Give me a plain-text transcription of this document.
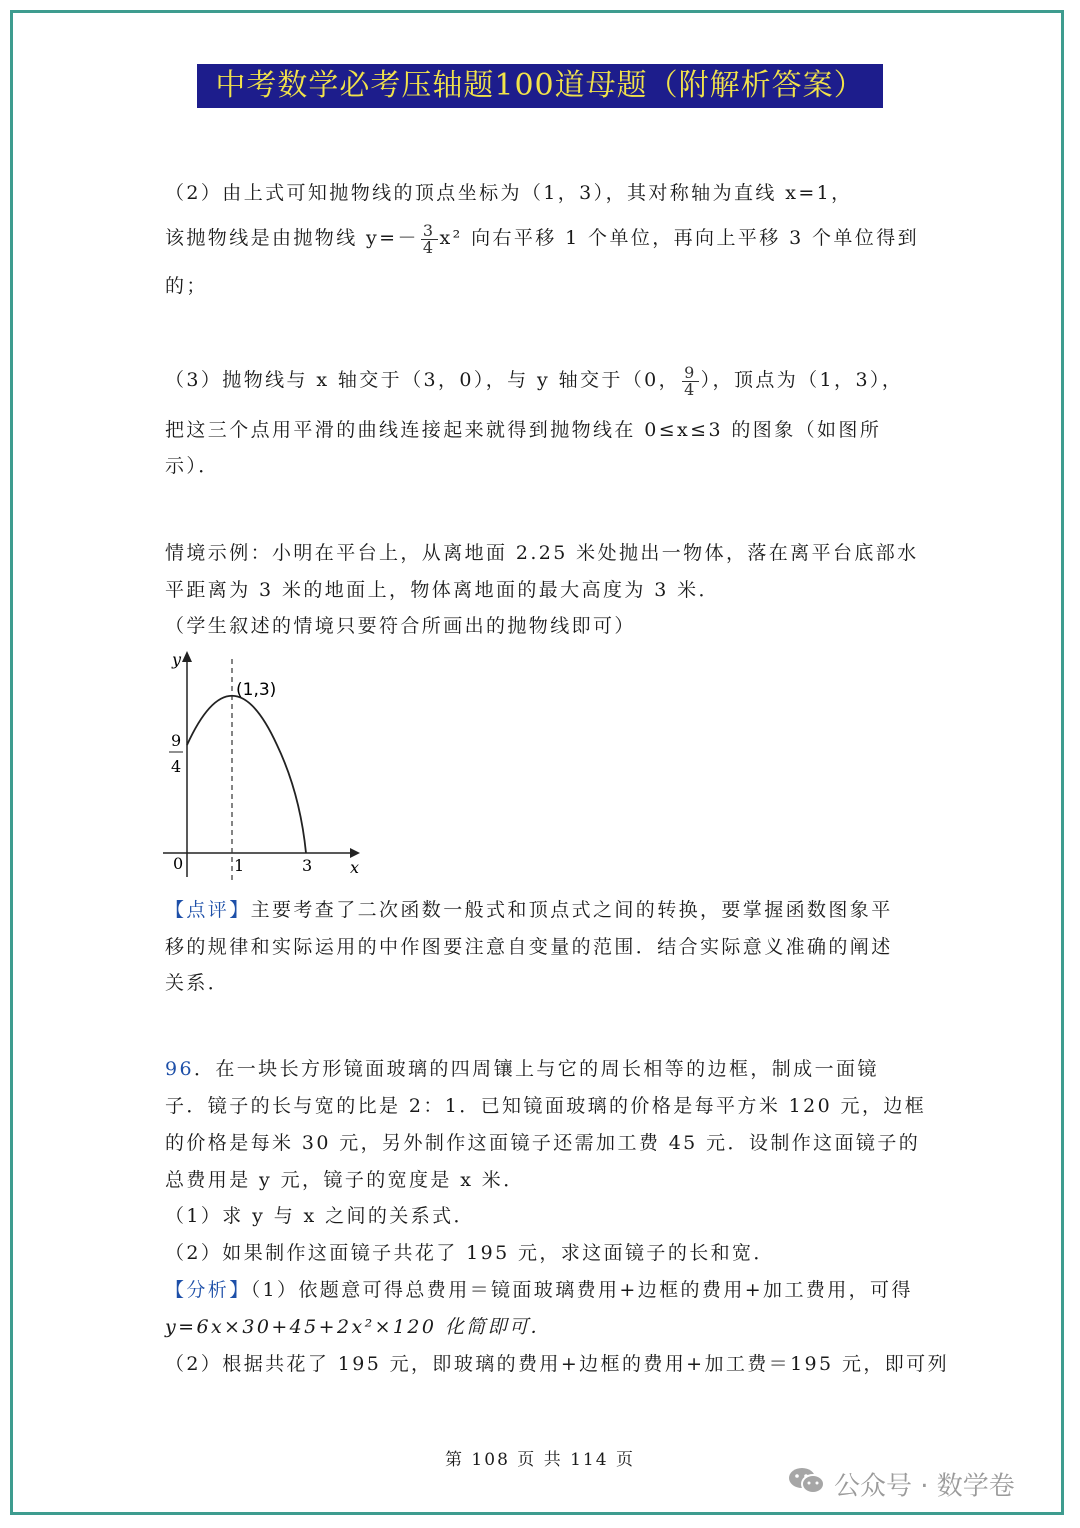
中考数学必考压轴题100道母题（附解析答案）
（2）由上式可知抛物线的顶点坐标为（1，3），其对称轴为直线 x=1，
该抛物线是由抛物线 $y=- \frac{3}{4} x^2$ 向右平移 1 个单位，再向上平移 3 个单位得到
的；
（3）抛物线与 x 轴交于（3，0），与 y 轴交于（0， $\frac{9}{4}$ ），顶点为（1，3），
把这三个点用平滑的曲线连接起来就得到抛物线在 0≤x≤3 的图象（如图所
示）．
情境示例：小明在平台上，从离地面 2.25 米处抛出一物体，落在离平台底部水
平距离为 3 米的地面上，物体离地面的最大高度为 3 米．
（学生叙述的情境只要符合所画出的抛物线即可）
y
x
(1,3)
9
4
0	1	3
【点评】主要考查了二次函数一般式和顶点式之间的转换，要掌握函数图象平
移的规律和实际运用的中作图要注意自变量的范围．结合实际意义准确的阐述
关系．
96．在一块长方形镜面玻璃的四周镶上与它的周长相等的边框，制成一面镜
子．镜子的长与宽的比是 2：1．已知镜面玻璃的价格是每平方米 120 元，边框
的价格是每米 30 元，另外制作这面镜子还需加工费 45 元．设制作这面镜子的
总费用是 y 元，镜子的宽度是 x 米．
（1）求 y 与 x 之间的关系式．
（2）如果制作这面镜子共花了 195 元，求这面镜子的长和宽．
【分析】（1）依题意可得总费用＝镜面玻璃费用+边框的费用+加工费用，可得
y=6x×30+45+2x²×120 化简即可．
（2）根据共花了 195 元，即玻璃的费用+边框的费用+加工费＝195 元，即可列
第 108 页 共 114 页
公众号 · 数学卷
